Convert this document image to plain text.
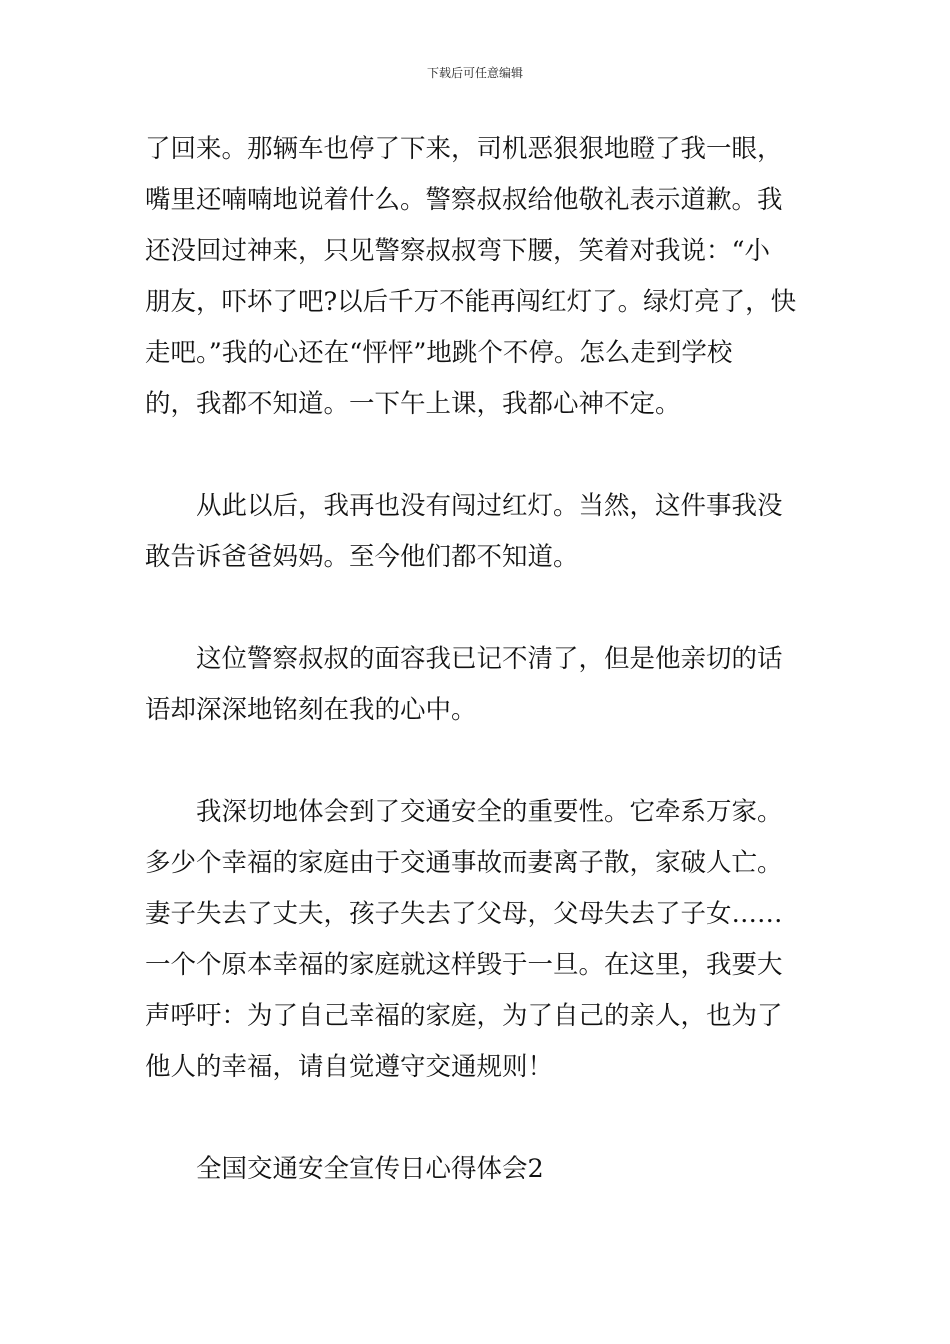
下载后可任意编辑

了回来。那辆车也停了下来，司机恶狠狠地瞪了我一眼，
嘴里还喃喃地说着什么。警察叔叔给他敬礼表示道歉。我
还没回过神来，只见警察叔叔弯下腰，笑着对我说：“小
朋友，吓坏了吧?以后千万不能再闯红灯了。绿灯亮了，快
走吧。”我的心还在“怦怦”地跳个不停。怎么走到学校
的，我都不知道。一下午上课，我都心神不定。

从此以后，我再也没有闯过红灯。当然，这件事我没
敢告诉爸爸妈妈。至今他们都不知道。

这位警察叔叔的面容我已记不清了，但是他亲切的话
语却深深地铭刻在我的心中。

我深切地体会到了交通安全的重要性。它牵系万家。
多少个幸福的家庭由于交通事故而妻离子散，家破人亡。
妻子失去了丈夫，孩子失去了父母，父母失去了子女……
一个个原本幸福的家庭就这样毁于一旦。在这里，我要大
声呼吁：为了自己幸福的家庭，为了自己的亲人，也为了
他人的幸福，请自觉遵守交通规则！

全国交通安全宣传日心得体会2
